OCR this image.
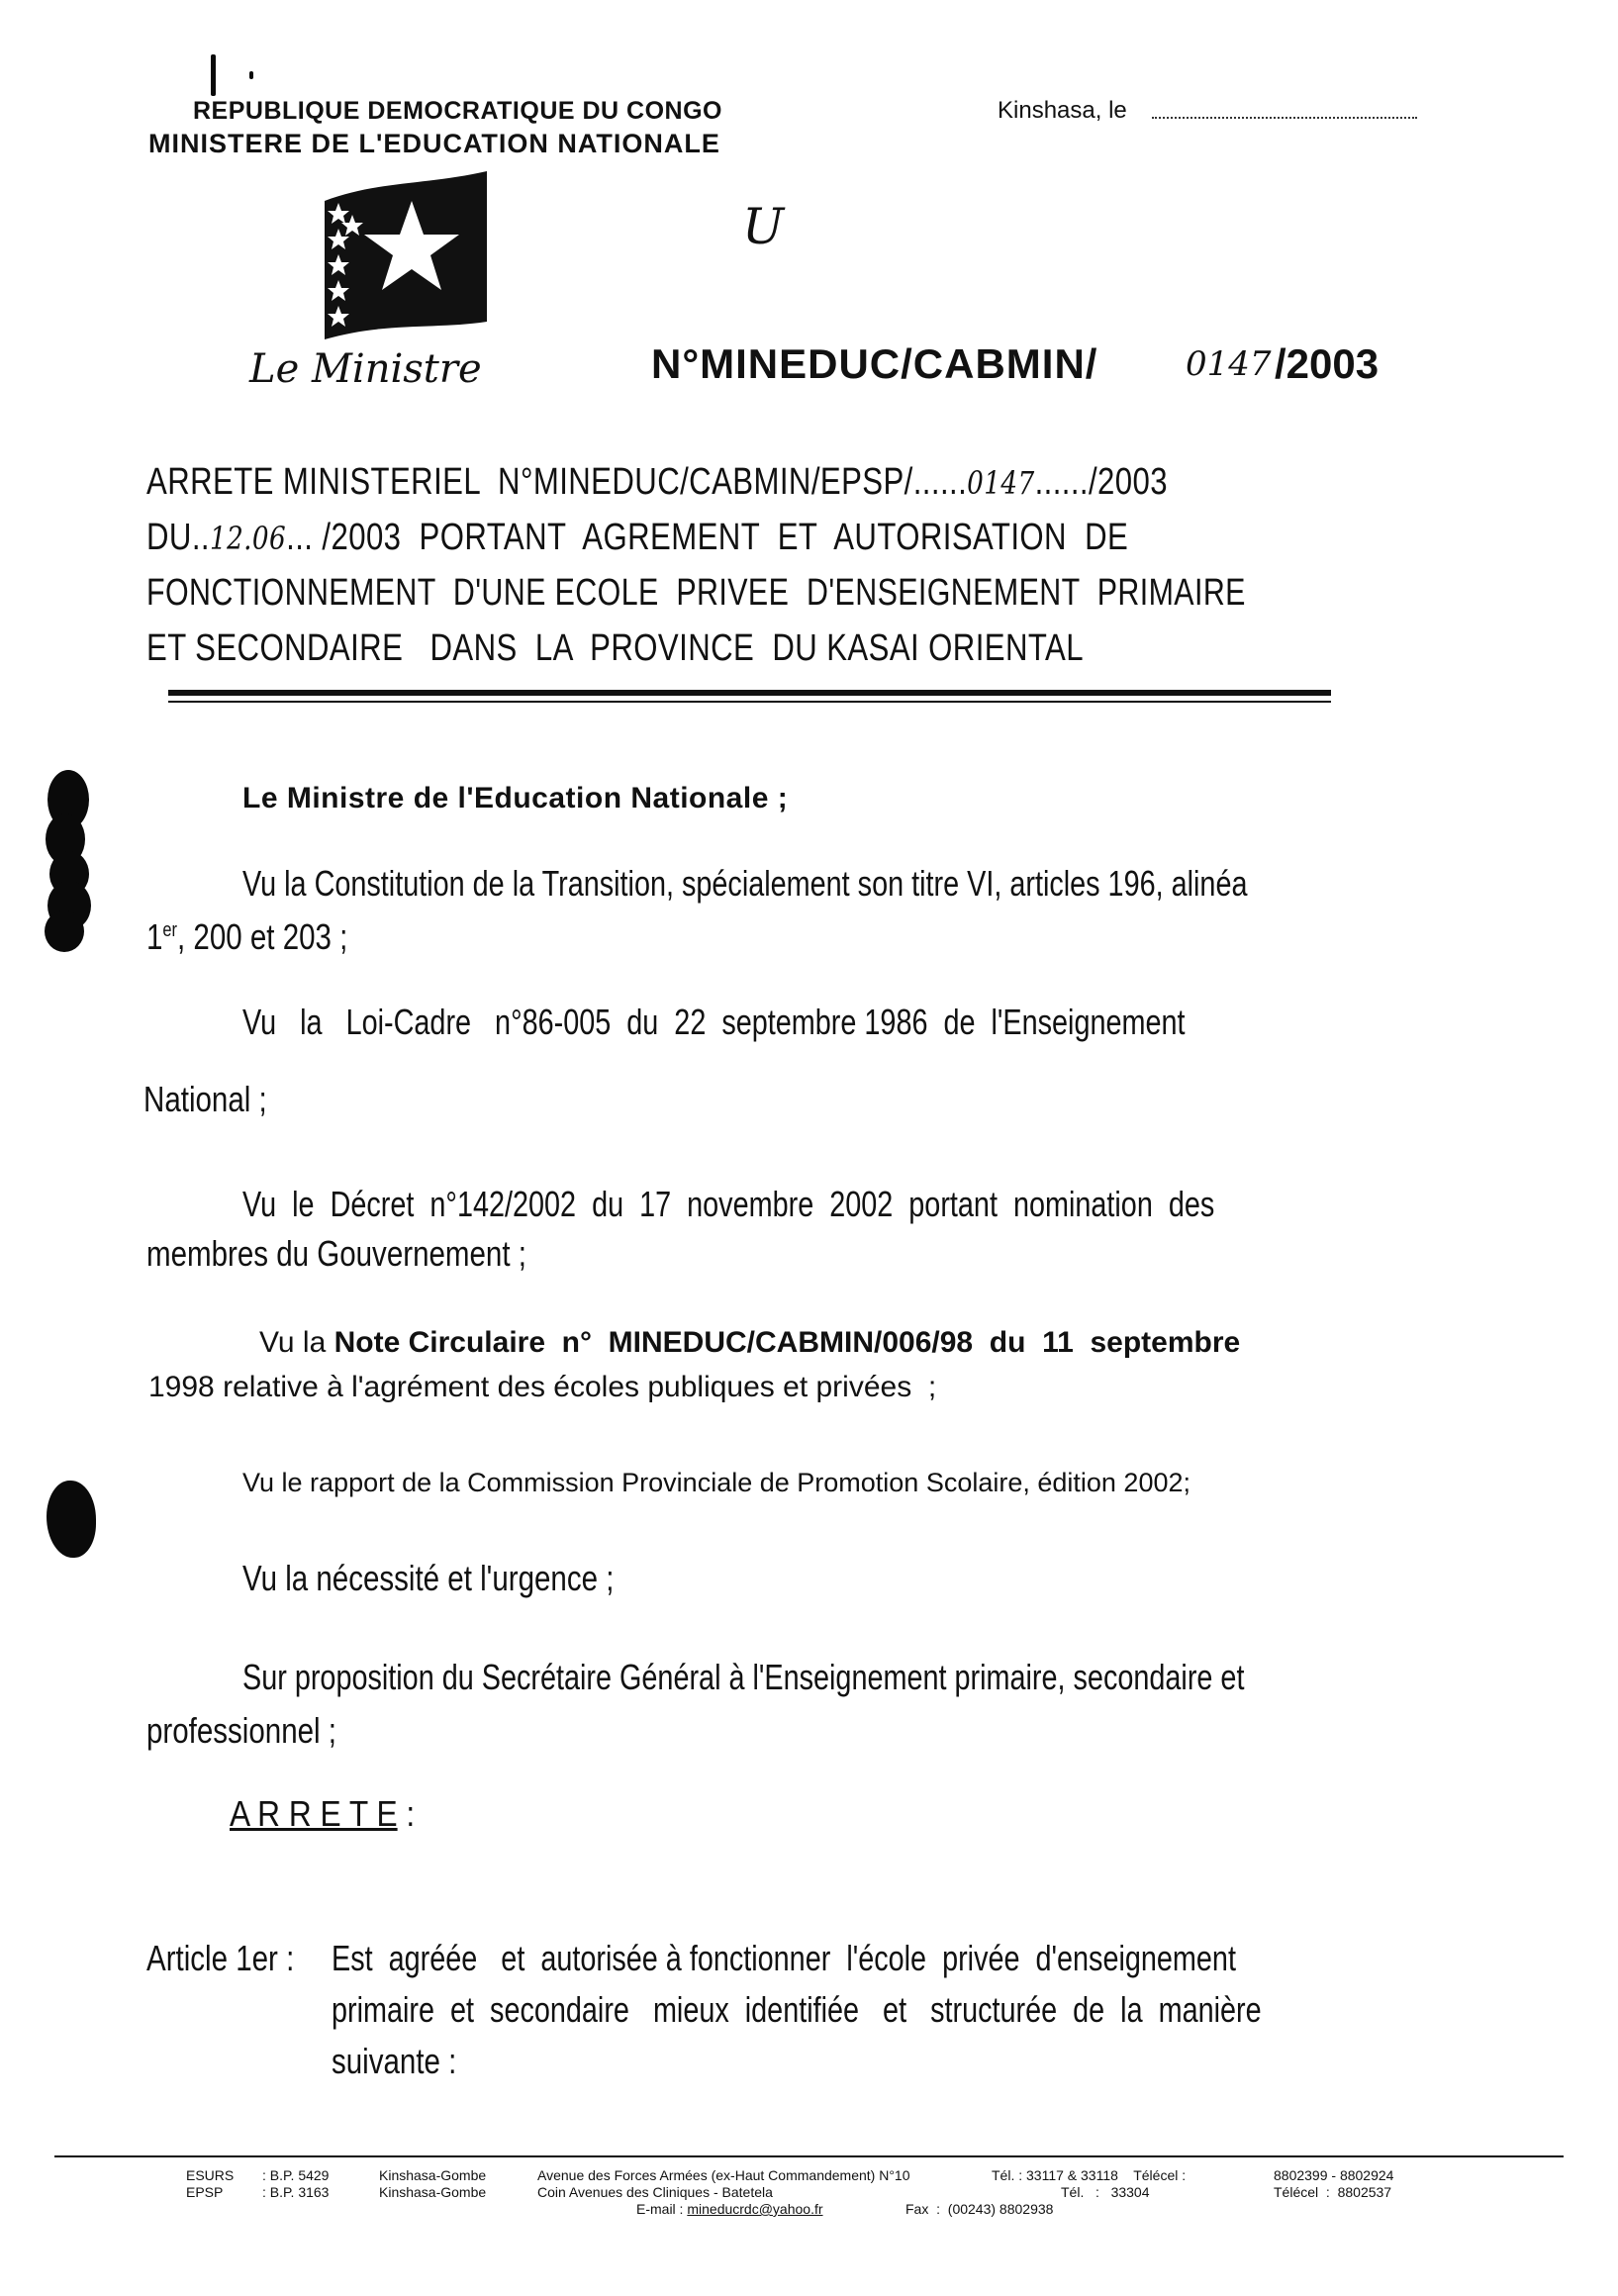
REPUBLIQUE DEMOCRATIQUE DU CONGO
MINISTERE DE L'EDUCATION NATIONALE
Kinshasa, le
U
Le Ministre	N°MINEDUC/CABMIN/	0147 /2003
ARRETE MINISTERIEL  N°MINEDUC/CABMIN/EPSP/......0147....../2003
DU..12.06... /2003  PORTANT  AGREMENT  ET  AUTORISATION  DE
FONCTIONNEMENT  D'UNE ECOLE  PRIVEE  D'ENSEIGNEMENT  PRIMAIRE
ET SECONDAIRE   DANS  LA  PROVINCE  DU KASAI ORIENTAL
Le Ministre de l'Education Nationale ;
Vu la Constitution de la Transition, spécialement son titre VI, articles 196, alinéa
1er, 200 et 203 ;
Vu   la   Loi-Cadre   n°86-005  du  22  septembre 1986  de  l'Enseignement
National ;
Vu  le  Décret  n°142/2002  du  17  novembre  2002  portant  nomination  des
membres du Gouvernement ;
Vu la Note Circulaire  n°  MINEDUC/CABMIN/006/98  du  11  septembre
1998 relative à l'agrément des écoles publiques et privées  ;
Vu le rapport de la Commission Provinciale de Promotion Scolaire, édition 2002;
Vu la nécessité et l'urgence ;
Sur proposition du Secrétaire Général à l'Enseignement primaire, secondaire et
professionnel ;
A R R E T E :
Article 1er : Est  agréée   et  autorisée à fonctionner  l'école  privée  d'enseignement
primaire  et  secondaire   mieux  identifiée   et   structurée  de  la  manière
suivante :
ESURS : B.P. 5429	Kinshasa-Gombe	Avenue des Forces Armées (ex-Haut Commandement) N°10	Tél. : 33117 & 33118    Télécel :	8802399 - 8802924
EPSP	: B.P. 3163	Kinshasa-Gombe	Coin Avenues des Cliniques - Batetela	Tél.   :   33304	Télécel  :  8802537
E-mail : mineducrdc@yahoo.fr	Fax  :  (00243) 8802938
